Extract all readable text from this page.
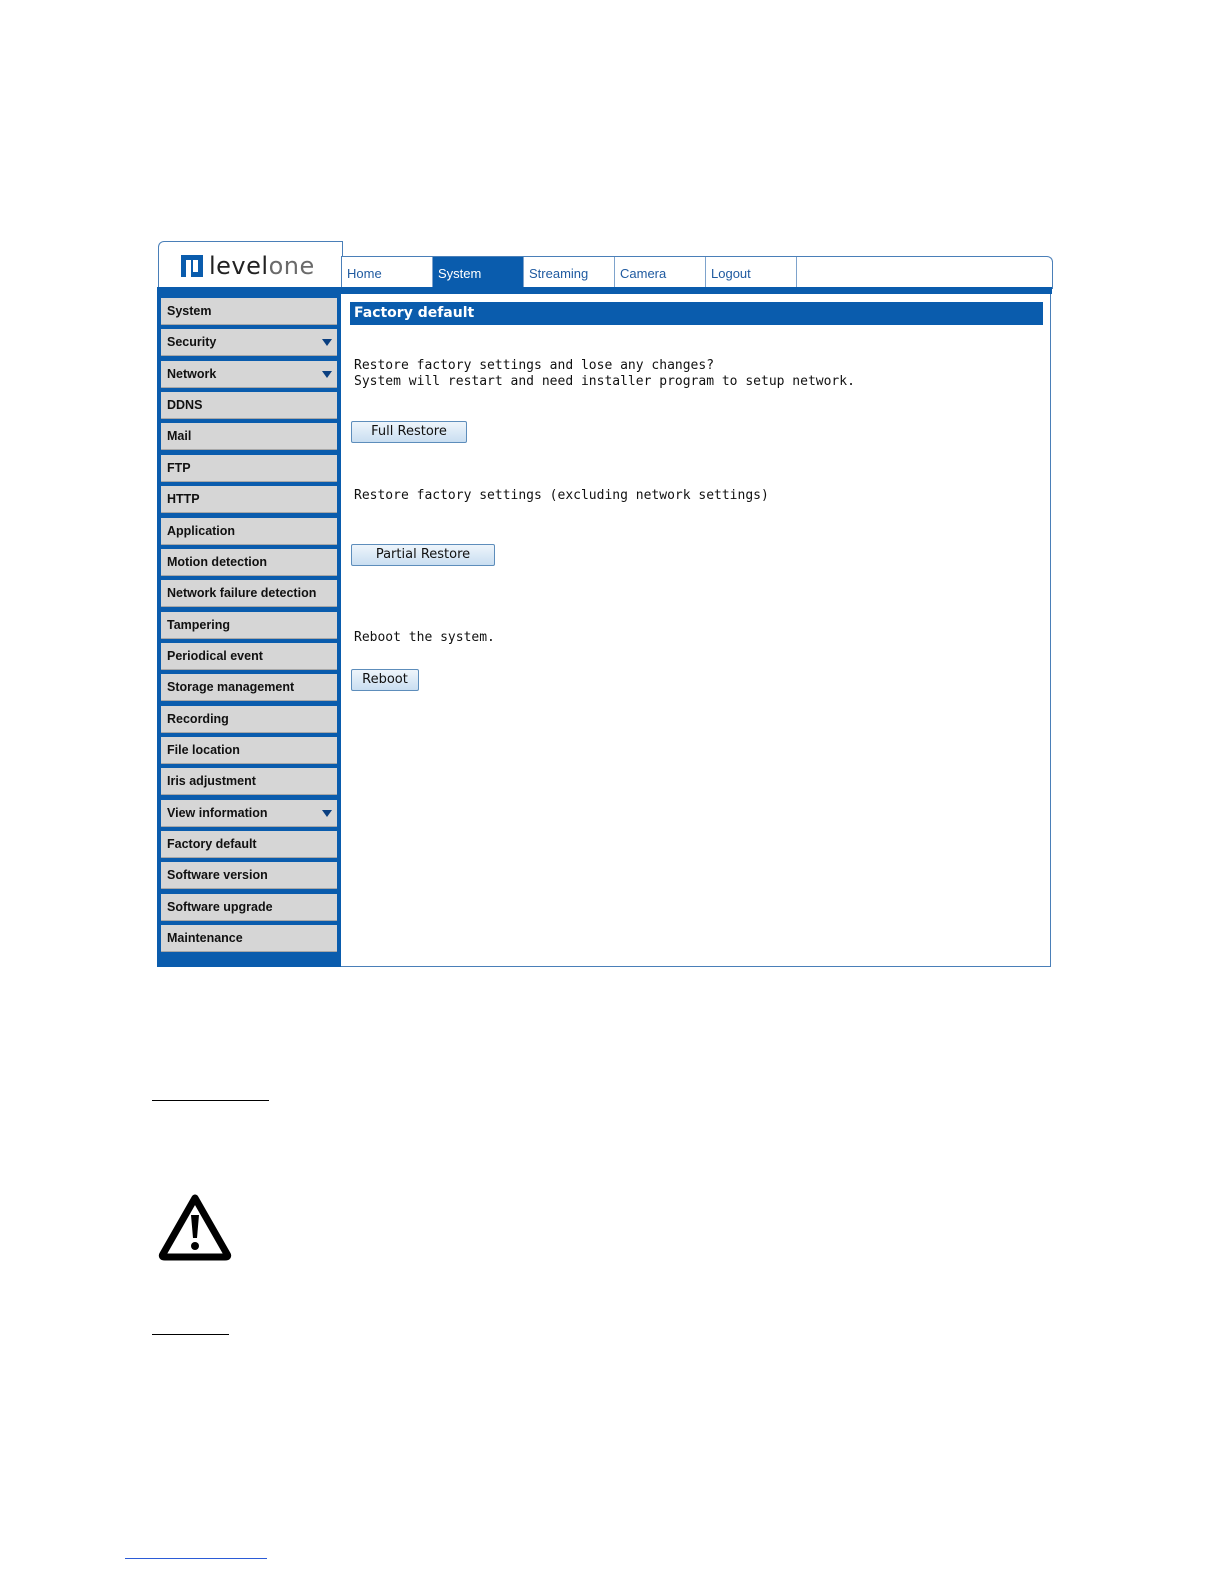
levelone	Home	System	Streaming	Camera	Logout
System
Security
Network
DDNS
Mail
FTP
HTTP
Application
Motion detection
Network failure detection
Tampering
Periodical event
Storage management
Recording
File location
Iris adjustment
View information
Factory default
Software version
Software upgrade
Maintenance
Factory default
Restore factory settings and lose any changes?
System will restart and need installer program to setup network.
Full Restore
Restore factory settings (excluding network settings)
Partial Restore
Reboot the system.
Reboot
